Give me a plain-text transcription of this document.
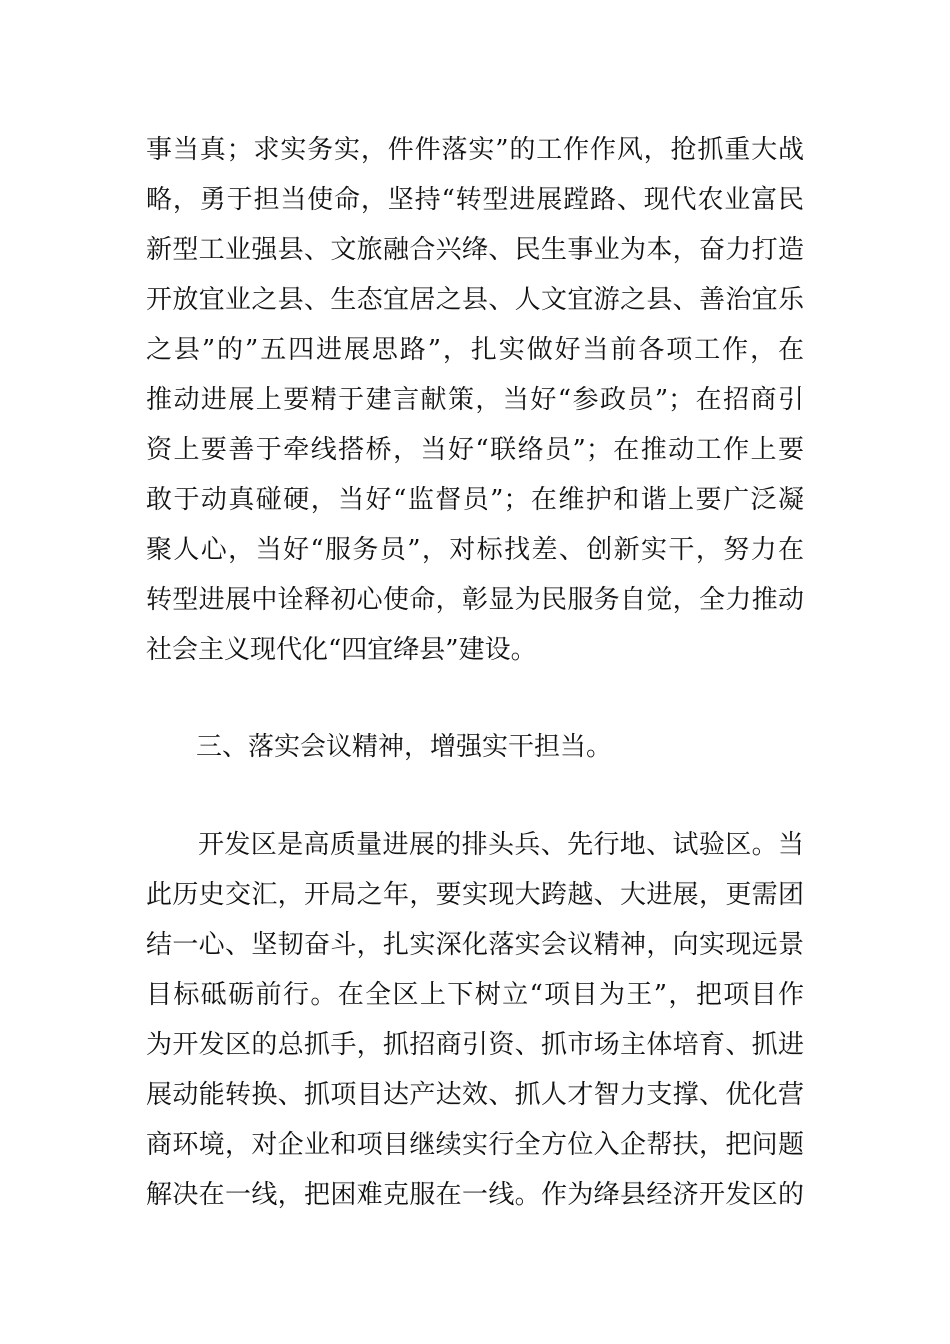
事当真；求实务实，件件落实”的工作作风，抢抓重大战
略，勇于担当使命，坚持“转型进展蹚路、现代农业富民
新型工业强县、文旅融合兴绛、民生事业为本，奋力打造
开放宜业之县、生态宜居之县、人文宜游之县、善治宜乐
之县”的”五四进展思路”，扎实做好当前各项工作，在
推动进展上要精于建言献策，当好“参政员”；在招商引
资上要善于牵线搭桥，当好“联络员”；在推动工作上要
敢于动真碰硬，当好“监督员”；在维护和谐上要广泛凝
聚人心，当好“服务员”，对标找差、创新实干，努力在
转型进展中诠释初心使命，彰显为民服务自觉，全力推动
社会主义现代化“四宜绛县”建设。
三、落实会议精神，增强实干担当。
开发区是高质量进展的排头兵、先行地、试验区。当
此历史交汇，开局之年，要实现大跨越、大进展，更需团
结一心、坚韧奋斗，扎实深化落实会议精神，向实现远景
目标砥砺前行。在全区上下树立“项目为王”，把项目作
为开发区的总抓手，抓招商引资、抓市场主体培育、抓进
展动能转换、抓项目达产达效、抓人才智力支撑、优化营
商环境，对企业和项目继续实行全方位入企帮扶，把问题
解决在一线，把困难克服在一线。作为绛县经济开发区的
